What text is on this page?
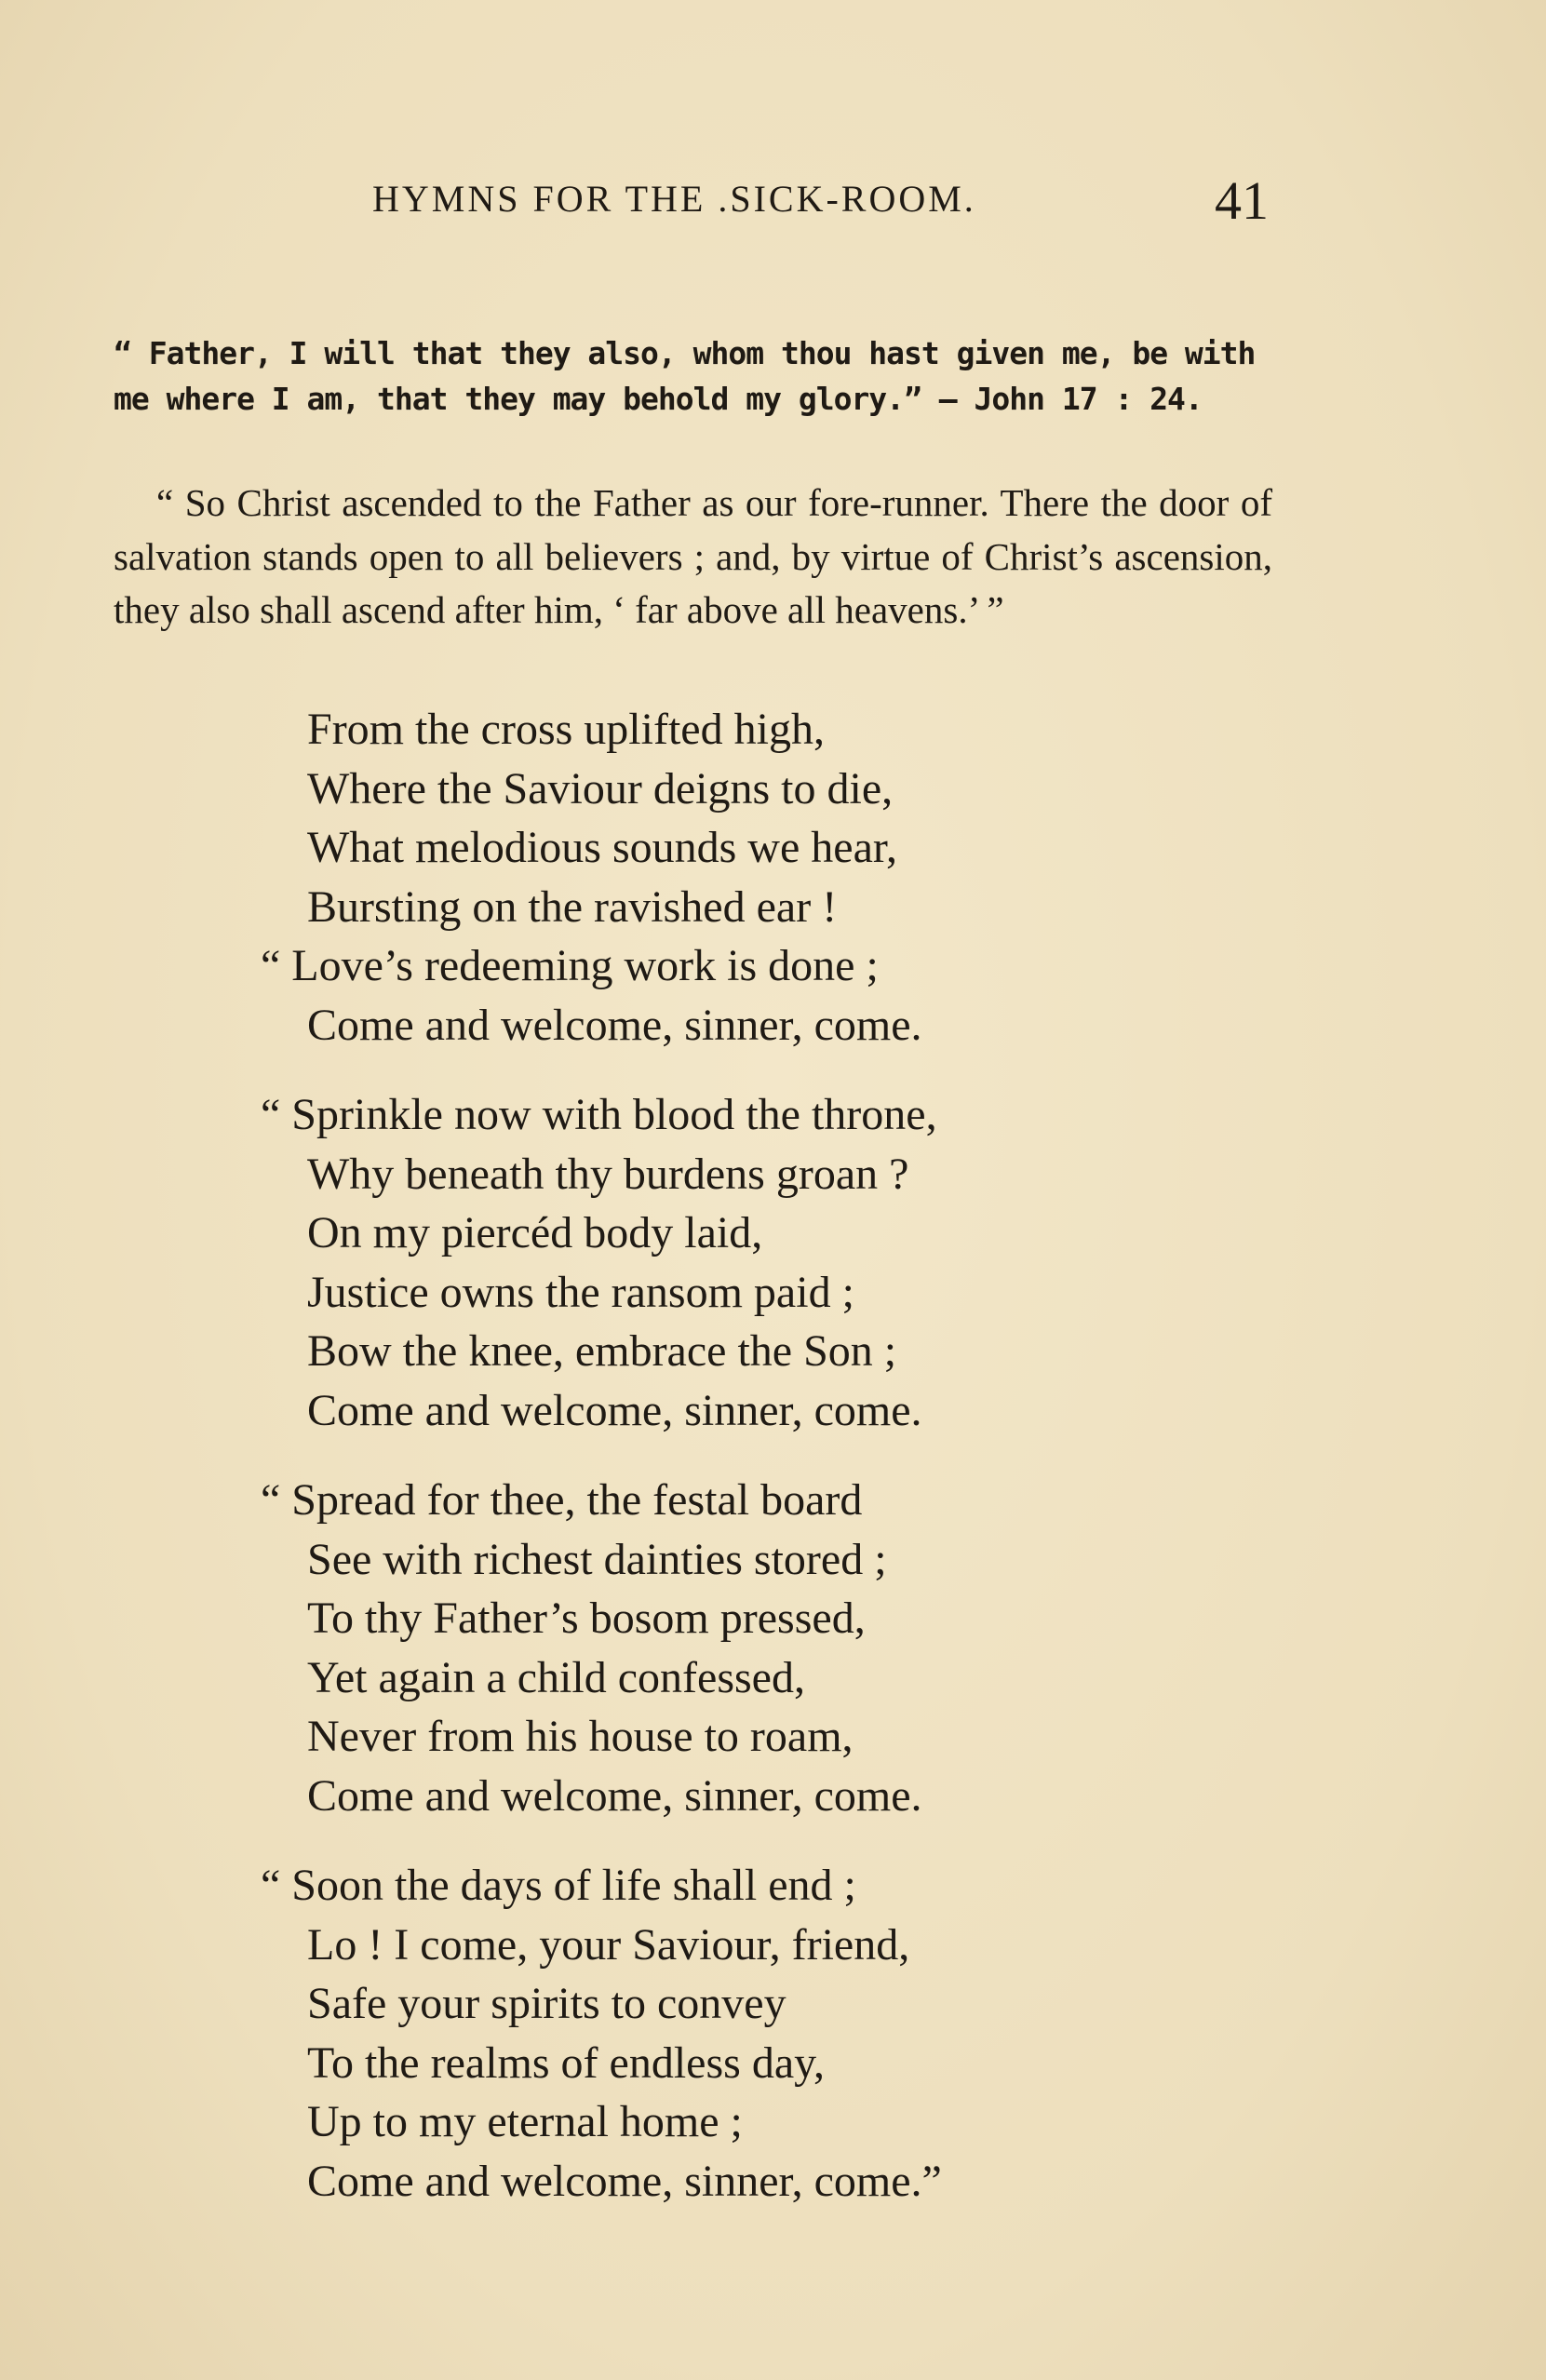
HYMNS FOR THE .SICK-ROOM.	41

“ Father, I will that they also, whom thou hast given me, be with me where I am, that they may behold my glory.” — John 17 : 24.

“ So Christ ascended to the Father as our fore-runner. There the door of salvation stands open to all believers ; and, by virtue of Christ’s ascension, they also shall ascend after him, ‘ far above all heavens.’ ”

From the cross uplifted high,
Where the Saviour deigns to die,
What melodious sounds we hear,
Bursting on the ravished ear !
“ Love’s redeeming work is done ;
Come and welcome, sinner, come.
“ Sprinkle now with blood the throne,
Why beneath thy burdens groan ?
On my piercéd body laid,
Justice owns the ransom paid ;
Bow the knee, embrace the Son ;
Come and welcome, sinner, come.
“ Spread for thee, the festal board
See with richest dainties stored ;
To thy Father’s bosom pressed,
Yet again a child confessed,
Never from his house to roam,
Come and welcome, sinner, come.
“ Soon the days of life shall end ;
Lo ! I come, your Saviour, friend,
Safe your spirits to convey
To the realms of endless day,
Up to my eternal home ;
Come and welcome, sinner, come.”
